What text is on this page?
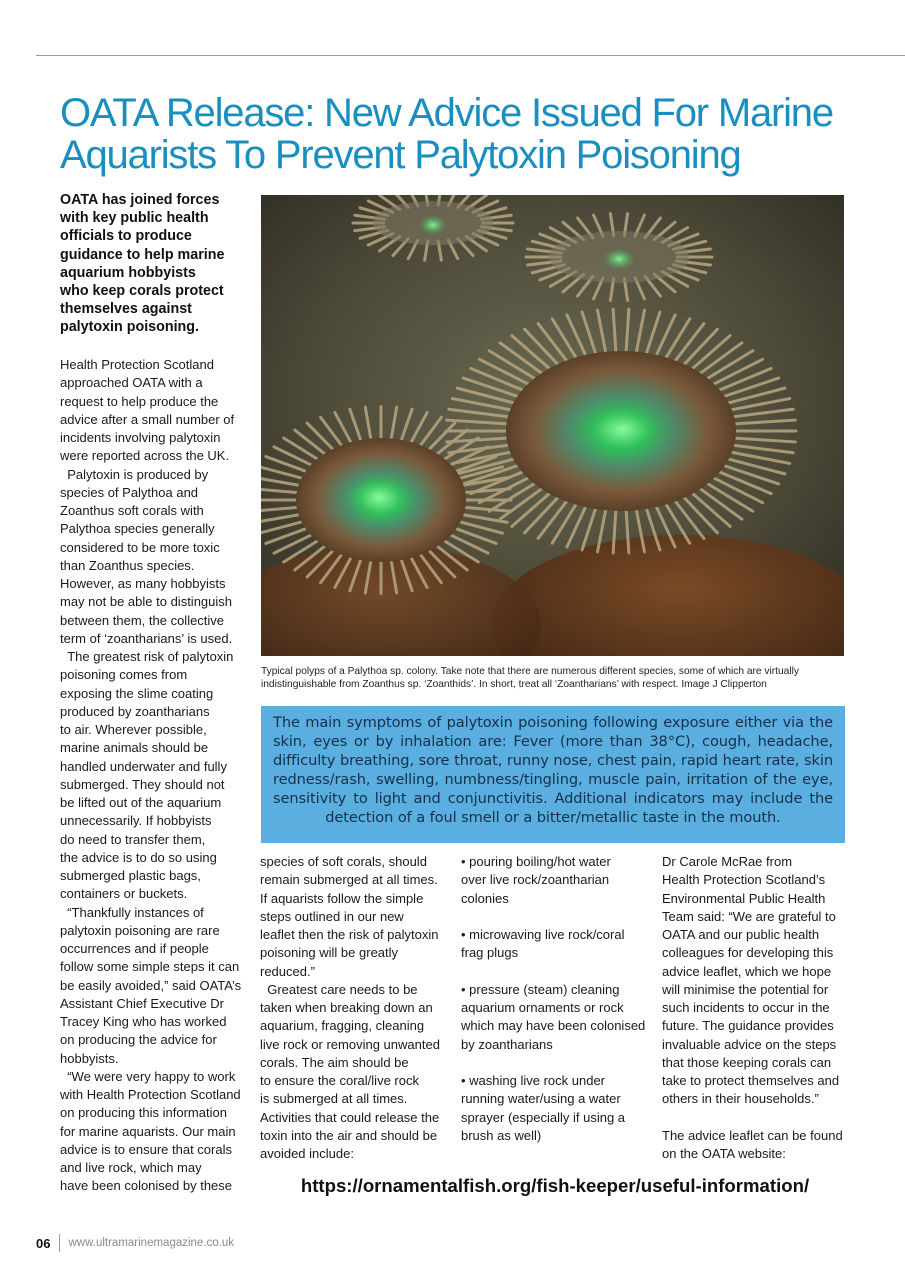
OATA Release: New Advice Issued For Marine
Aquarists To Prevent Palytoxin Poisoning
OATA has joined forces
with key public health
officials to produce
guidance to help marine
aquarium hobbyists
who keep corals protect
themselves against
palytoxin poisoning.
Health Protection Scotland
approached OATA with a
request to help produce the
advice after a small number of
incidents involving palytoxin
were reported across the UK.
Palytoxin is produced by
species of Palythoa and
Zoanthus soft corals with
Palythoa species generally
considered to be more toxic
than Zoanthus species.
However, as many hobbyists
may not be able to distinguish
between them, the collective
term of ‘zoantharians’ is used.
The greatest risk of palytoxin
poisoning comes from
exposing the slime coating
produced by zoantharians
to air. Wherever possible,
marine animals should be
handled underwater and fully
submerged. They should not
be lifted out of the aquarium
unnecessarily. If hobbyists
do need to transfer them,
the advice is to do so using
submerged plastic bags,
containers or buckets.
“Thankfully instances of
palytoxin poisoning are rare
occurrences and if people
follow some simple steps it can
be easily avoided,” said OATA’s
Assistant Chief Executive Dr
Tracey King who has worked
on producing the advice for
hobbyists.
“We were very happy to work
with Health Protection Scotland
on producing this information
for marine aquarists. Our main
advice is to ensure that corals
and live rock, which may
have been colonised by these
Typical polyps of a Palythoa sp. colony. Take note that there are numerous different species, some of which are virtually
indistinguishable from Zoanthus sp. ‘Zoanthids’. In short, treat all ‘Zoantharians’ with respect. Image J Clipperton
The main symptoms of palytoxin poisoning following exposure either via the
skin, eyes or by inhalation are: Fever (more than 38°C), cough, headache,
difficulty breathing, sore throat, runny nose, chest pain, rapid heart rate, skin
redness/rash, swelling, numbness/tingling, muscle pain, irritation of the eye,
sensitivity to light and conjunctivitis. Additional indicators may include the
detection of a foul smell or a bitter/metallic taste in the mouth.
species of soft corals, should
remain submerged at all times.
If aquarists follow the simple
steps outlined in our new
leaflet then the risk of palytoxin
poisoning will be greatly
reduced.”
Greatest care needs to be
taken when breaking down an
aquarium, fragging, cleaning
live rock or removing unwanted
corals. The aim should be
to ensure the coral/live rock
is submerged at all times.
Activities that could release the
toxin into the air and should be
avoided include:
• pouring boiling/hot water
over live rock/zoantharian
colonies

• microwaving live rock/coral
frag plugs

• pressure (steam) cleaning
aquarium ornaments or rock
which may have been colonised
by zoantharians

• washing live rock under
running water/using a water
sprayer (especially if using a
brush as well)
Dr Carole McRae from
Health Protection Scotland’s
Environmental Public Health
Team said: “We are grateful to
OATA and our public health
colleagues for developing this
advice leaflet, which we hope
will minimise the potential for
such incidents to occur in the
future. The guidance provides
invaluable advice on the steps
that those keeping corals can
take to protect themselves and
others in their households.”

The advice leaflet can be found
on the OATA website:
https://ornamentalfish.org/fish-keeper/useful-information/
06 www.ultramarinemagazine.co.uk
